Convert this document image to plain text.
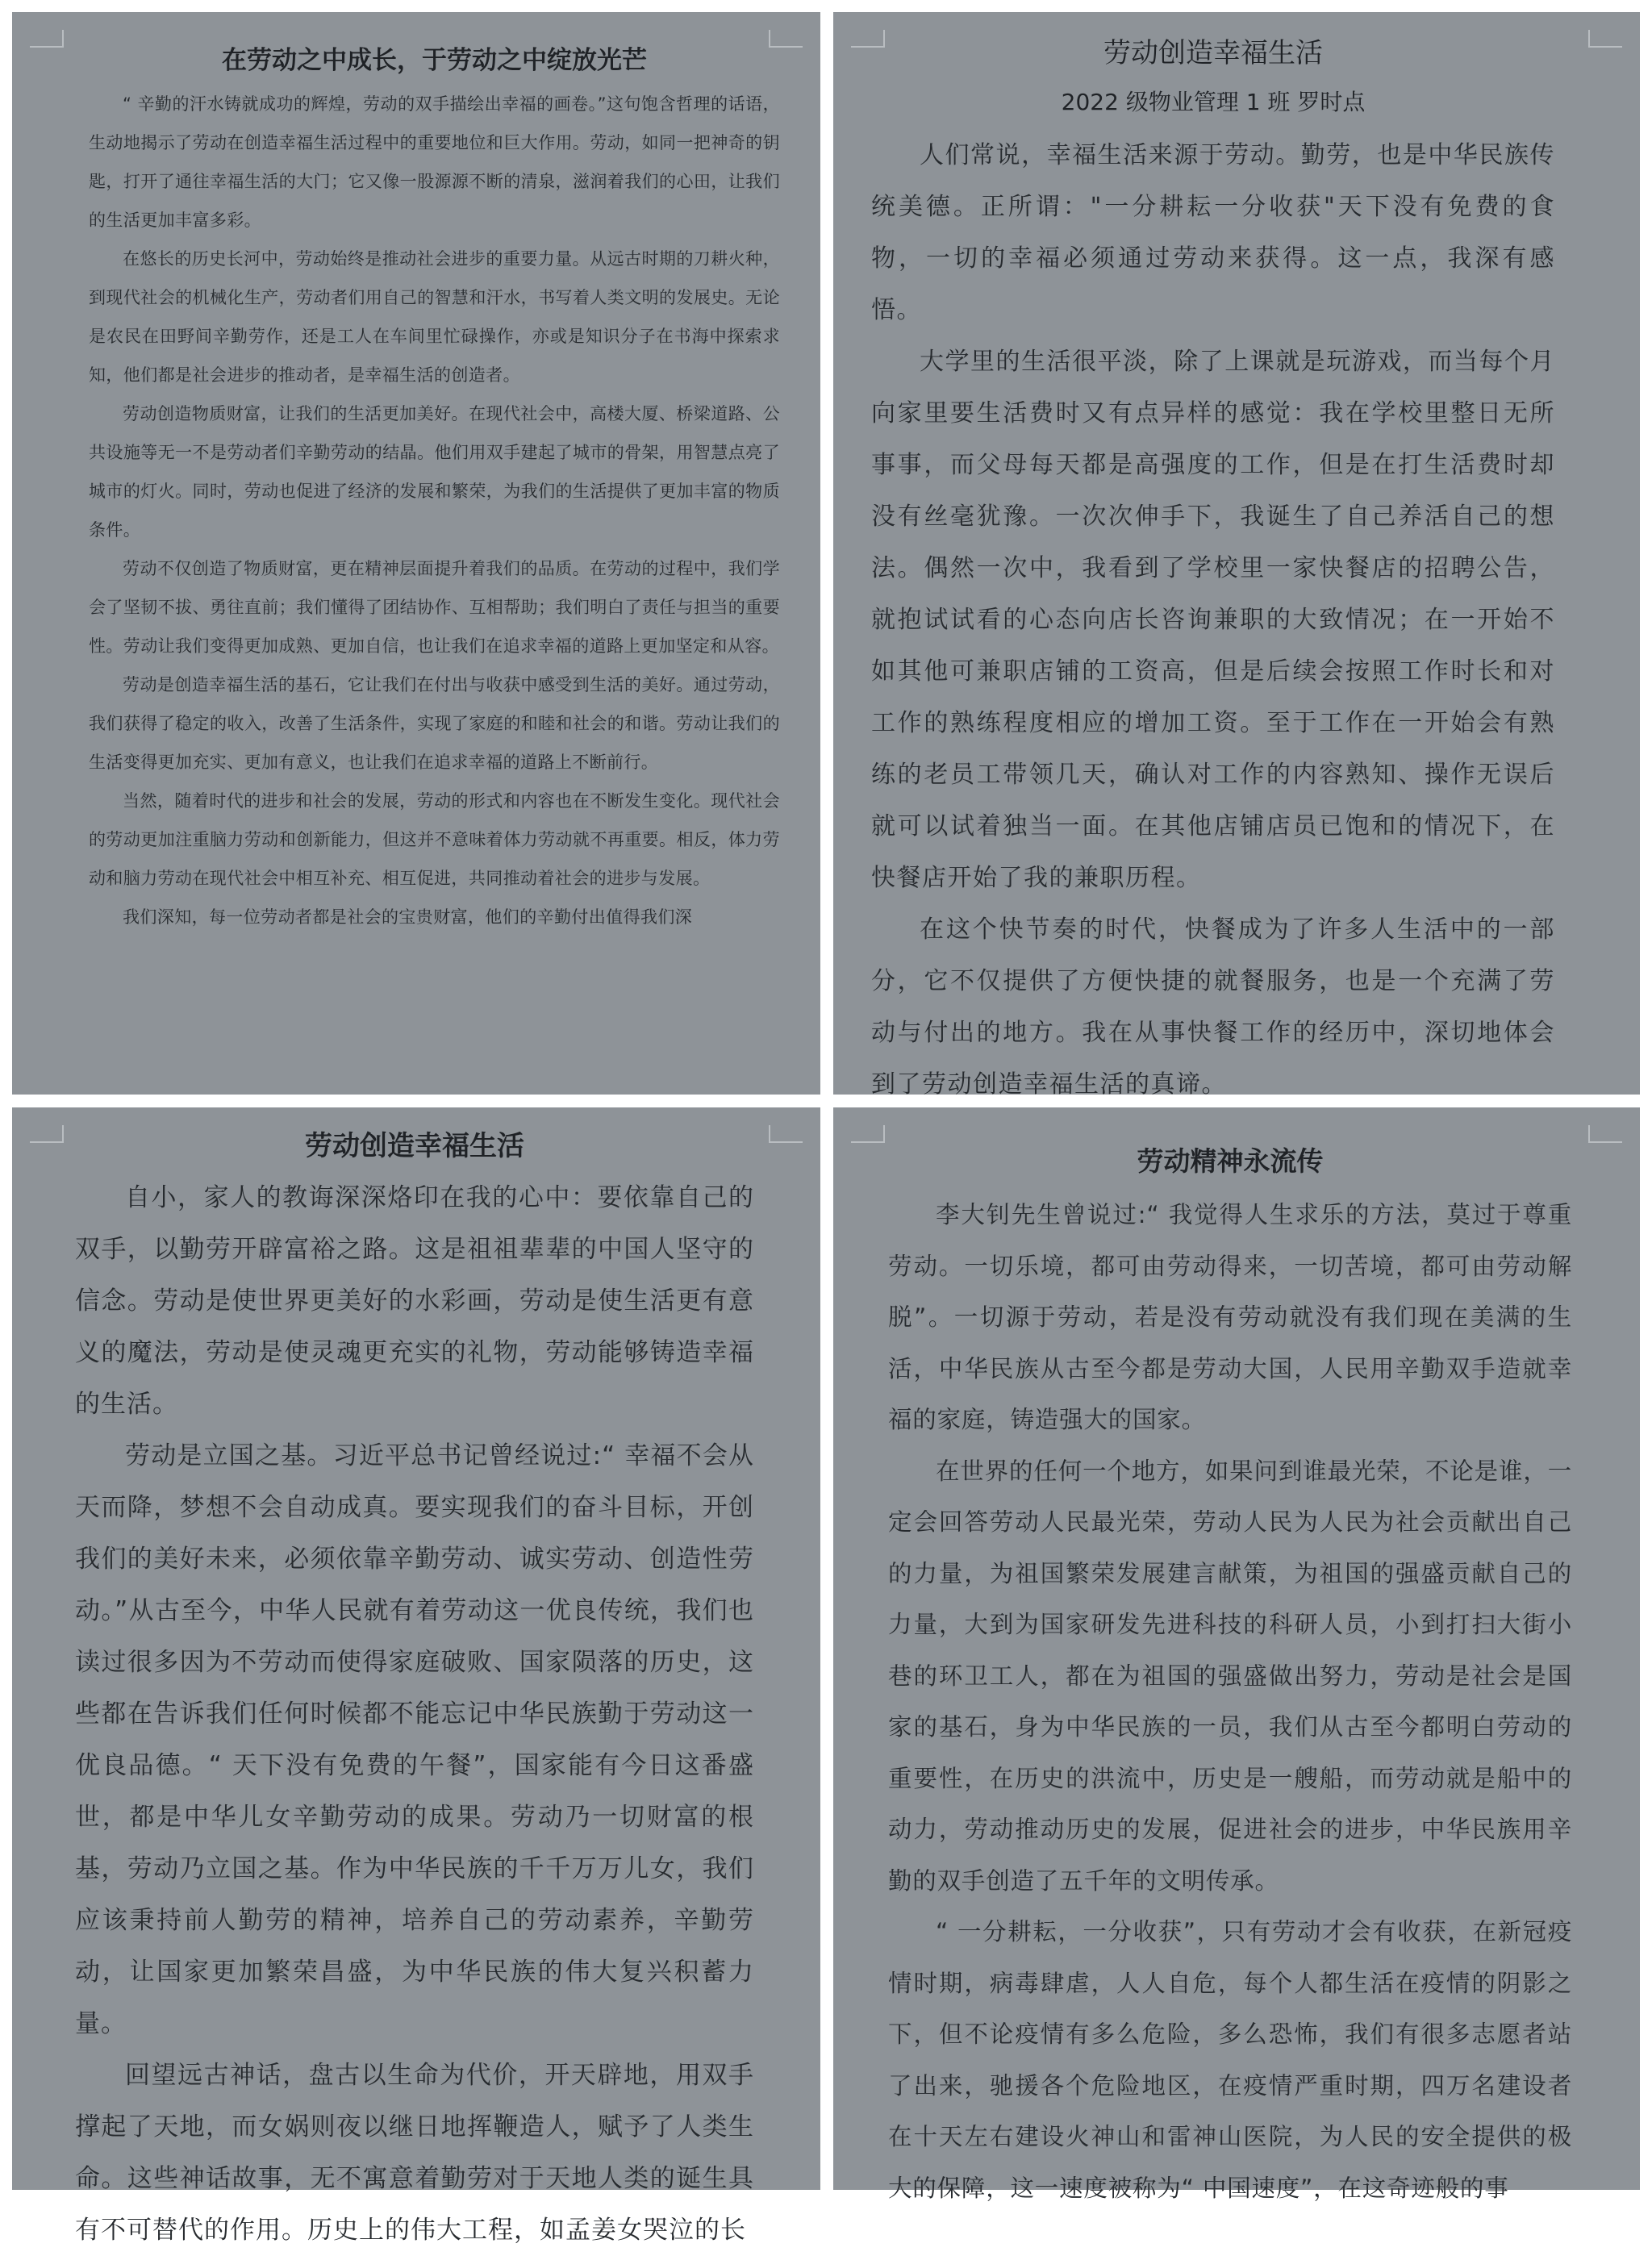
在劳动之中成长，于劳动之中绽放光芒

“ 辛勤的汗水铸就成功的辉煌，劳动的双手描绘出幸福的画卷。”这句饱含哲理的话语，生动地揭示了劳动在创造幸福生活过程中的重要地位和巨大作用。劳动，如同一把神奇的钥匙，打开了通往幸福生活的大门；它又像一股源源不断的清泉，滋润着我们的心田，让我们的生活更加丰富多彩。

在悠长的历史长河中，劳动始终是推动社会进步的重要力量。从远古时期的刀耕火种，到现代社会的机械化生产，劳动者们用自己的智慧和汗水，书写着人类文明的发展史。无论是农民在田野间辛勤劳作，还是工人在车间里忙碌操作，亦或是知识分子在书海中探索求知，他们都是社会进步的推动者，是幸福生活的创造者。

劳动创造物质财富，让我们的生活更加美好。在现代社会中，高楼大厦、桥梁道路、公共设施等无一不是劳动者们辛勤劳动的结晶。他们用双手建起了城市的骨架，用智慧点亮了城市的灯火。同时，劳动也促进了经济的发展和繁荣，为我们的生活提供了更加丰富的物质条件。

劳动不仅创造了物质财富，更在精神层面提升着我们的品质。在劳动的过程中，我们学会了坚韧不拔、勇往直前；我们懂得了团结协作、互相帮助；我们明白了责任与担当的重要性。劳动让我们变得更加成熟、更加自信，也让我们在追求幸福的道路上更加坚定和从容。

劳动是创造幸福生活的基石，它让我们在付出与收获中感受到生活的美好。通过劳动，我们获得了稳定的收入，改善了生活条件，实现了家庭的和睦和社会的和谐。劳动让我们的生活变得更加充实、更加有意义，也让我们在追求幸福的道路上不断前行。

当然，随着时代的进步和社会的发展，劳动的形式和内容也在不断发生变化。现代社会的劳动更加注重脑力劳动和创新能力，但这并不意味着体力劳动就不再重要。相反，体力劳动和脑力劳动在现代社会中相互补充、相互促进，共同推动着社会的进步与发展。

我们深知，每一位劳动者都是社会的宝贵财富，他们的辛勤付出值得我们深

劳动创造幸福生活
2022 级物业管理 1 班 罗时点

人们常说，幸福生活来源于劳动。勤劳，也是中华民族传统美德。正所谓："一分耕耘一分收获"天下没有免费的食物，一切的幸福必须通过劳动来获得。这一点，我深有感悟。

大学里的生活很平淡，除了上课就是玩游戏，而当每个月向家里要生活费时又有点异样的感觉：我在学校里整日无所事事，而父母每天都是高强度的工作，但是在打生活费时却没有丝毫犹豫。一次次伸手下，我诞生了自己养活自己的想法。偶然一次中，我看到了学校里一家快餐店的招聘公告，就抱试试看的心态向店长咨询兼职的大致情况；在一开始不如其他可兼职店铺的工资高，但是后续会按照工作时长和对工作的熟练程度相应的增加工资。至于工作在一开始会有熟练的老员工带领几天，确认对工作的内容熟知、操作无误后就可以试着独当一面。在其他店铺店员已饱和的情况下，在快餐店开始了我的兼职历程。

在这个快节奏的时代，快餐成为了许多人生活中的一部分，它不仅提供了方便快捷的就餐服务，也是一个充满了劳动与付出的地方。我在从事快餐工作的经历中，深切地体会到了劳动创造幸福生活的真谛。

劳动创造幸福生活

自小，家人的教诲深深烙印在我的心中：要依靠自己的双手，以勤劳开辟富裕之路。这是祖祖辈辈的中国人坚守的信念。劳动是使世界更美好的水彩画，劳动是使生活更有意义的魔法，劳动是使灵魂更充实的礼物，劳动能够铸造幸福的生活。

劳动是立国之基。习近平总书记曾经说过:“ 幸福不会从天而降，梦想不会自动成真。要实现我们的奋斗目标，开创我们的美好未来，必须依靠辛勤劳动、诚实劳动、创造性劳动。”从古至今，中华人民就有着劳动这一优良传统，我们也读过很多因为不劳动而使得家庭破败、国家陨落的历史，这些都在告诉我们任何时候都不能忘记中华民族勤于劳动这一优良品德。“ 天下没有免费的午餐”，国家能有今日这番盛世，都是中华儿女辛勤劳动的成果。劳动乃一切财富的根基，劳动乃立国之基。作为中华民族的千千万万儿女，我们应该秉持前人勤劳的精神，培养自己的劳动素养，辛勤劳动，让国家更加繁荣昌盛，为中华民族的伟大复兴积蓄力量。

回望远古神话，盘古以生命为代价，开天辟地，用双手撑起了天地，而女娲则夜以继日地挥鞭造人，赋予了人类生命。这些神话故事，无不寓意着勤劳对于天地人类的诞生具有不可替代的作用。历史上的伟大工程，如孟姜女哭泣的长

劳动精神永流传

李大钊先生曾说过:“ 我觉得人生求乐的方法，莫过于尊重劳动。一切乐境，都可由劳动得来，一切苦境，都可由劳动解脱”。一切源于劳动，若是没有劳动就没有我们现在美满的生活，中华民族从古至今都是劳动大国，人民用辛勤双手造就幸福的家庭，铸造强大的国家。

在世界的任何一个地方，如果问到谁最光荣，不论是谁，一定会回答劳动人民最光荣，劳动人民为人民为社会贡献出自己的力量，为祖国繁荣发展建言献策，为祖国的强盛贡献自己的力量，大到为国家研发先进科技的科研人员，小到打扫大街小巷的环卫工人，都在为祖国的强盛做出努力，劳动是社会是国家的基石，身为中华民族的一员，我们从古至今都明白劳动的重要性，在历史的洪流中，历史是一艘船，而劳动就是船中的动力，劳动推动历史的发展，促进社会的进步，中华民族用辛勤的双手创造了五千年的文明传承。

“ 一分耕耘，一分收获”，只有劳动才会有收获，在新冠疫情时期，病毒肆虐，人人自危，每个人都生活在疫情的阴影之下，但不论疫情有多么危险，多么恐怖，我们有很多志愿者站了出来，驰援各个危险地区，在疫情严重时期，四万名建设者在十天左右建设火神山和雷神山医院，为人民的安全提供的极大的保障，这一速度被称为“ 中国速度”，在这奇迹般的事
